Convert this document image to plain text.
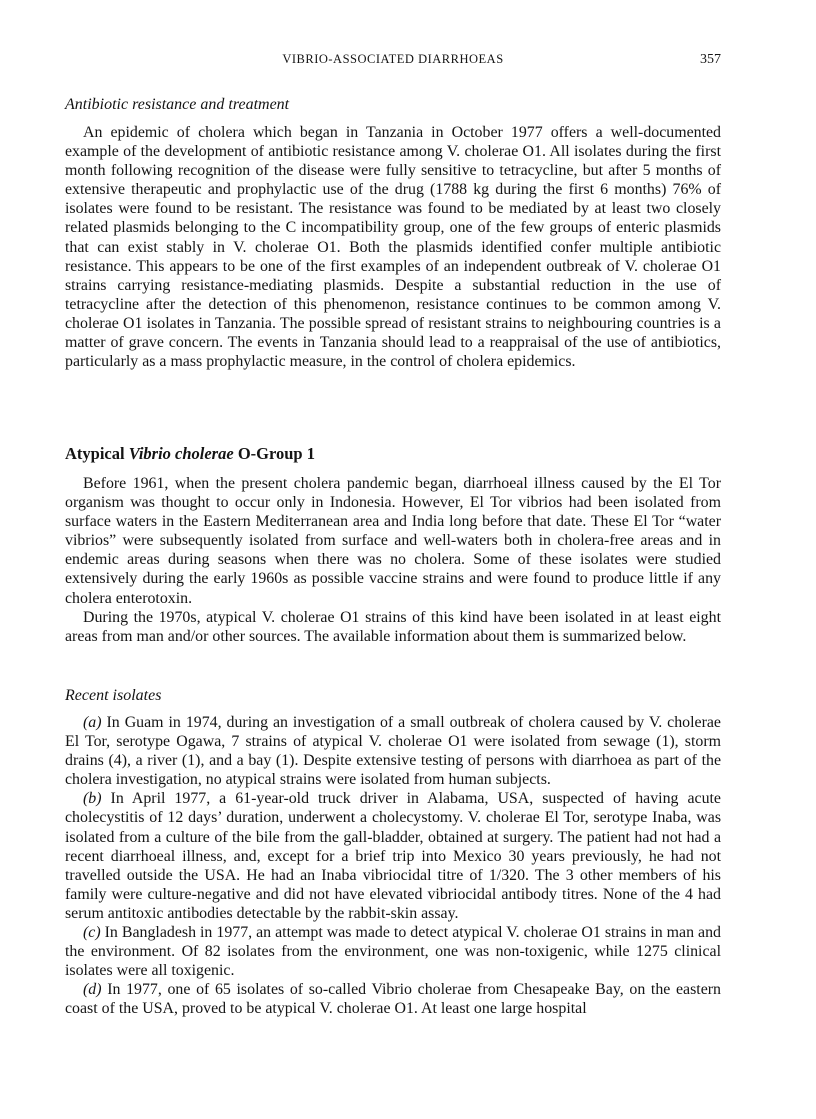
VIBRIO-ASSOCIATED DIARRHOEAS	357
Antibiotic resistance and treatment

An epidemic of cholera which began in Tanzania in October 1977 offers a well-documented example of the development of antibiotic resistance among V. cholerae O1. All isolates during the first month following recognition of the disease were fully sensitive to tetracycline, but after 5 months of extensive therapeutic and prophylactic use of the drug (1788 kg during the first 6 months) 76% of isolates were found to be resistant. The resistance was found to be mediated by at least two closely related plasmids belonging to the C incompatibility group, one of the few groups of enteric plasmids that can exist stably in V. cholerae O1. Both the plasmids identified confer multiple antibiotic resistance. This appears to be one of the first examples of an independent outbreak of V. cholerae O1 strains carrying resistance-mediating plasmids. Despite a substantial reduction in the use of tetracycline after the detection of this phenomenon, resistance continues to be common among V. cholerae O1 isolates in Tanzania. The possible spread of resistant strains to neighbouring countries is a matter of grave concern. The events in Tanzania should lead to a reappraisal of the use of antibiotics, particularly as a mass prophylactic measure, in the control of cholera epidemics.

Atypical Vibrio cholerae O-Group 1

Before 1961, when the present cholera pandemic began, diarrhoeal illness caused by the El Tor organism was thought to occur only in Indonesia. However, El Tor vibrios had been isolated from surface waters in the Eastern Mediterranean area and India long before that date. These El Tor “water vibrios” were subsequently isolated from surface and well-waters both in cholera-free areas and in endemic areas during seasons when there was no cholera. Some of these isolates were studied extensively during the early 1960s as possible vaccine strains and were found to produce little if any cholera enterotoxin.

During the 1970s, atypical V. cholerae O1 strains of this kind have been isolated in at least eight areas from man and/or other sources. The available information about them is summarized below.

Recent isolates

(a) In Guam in 1974, during an investigation of a small outbreak of cholera caused by V. cholerae El Tor, serotype Ogawa, 7 strains of atypical V. cholerae O1 were isolated from sewage (1), storm drains (4), a river (1), and a bay (1). Despite extensive testing of persons with diarrhoea as part of the cholera investigation, no atypical strains were isolated from human subjects.

(b) In April 1977, a 61-year-old truck driver in Alabama, USA, suspected of having acute cholecystitis of 12 days’ duration, underwent a cholecystomy. V. cholerae El Tor, serotype Inaba, was isolated from a culture of the bile from the gall-bladder, obtained at surgery. The patient had not had a recent diarrhoeal illness, and, except for a brief trip into Mexico 30 years previously, he had not travelled outside the USA. He had an Inaba vibriocidal titre of 1/320. The 3 other members of his family were culture-negative and did not have elevated vibriocidal antibody titres. None of the 4 had serum antitoxic antibodies detectable by the rabbit-skin assay.

(c) In Bangladesh in 1977, an attempt was made to detect atypical V. cholerae O1 strains in man and the environment. Of 82 isolates from the environment, one was non-toxigenic, while 1275 clinical isolates were all toxigenic.

(d) In 1977, one of 65 isolates of so-called Vibrio cholerae from Chesapeake Bay, on the eastern coast of the USA, proved to be atypical V. cholerae O1. At least one large hospital
